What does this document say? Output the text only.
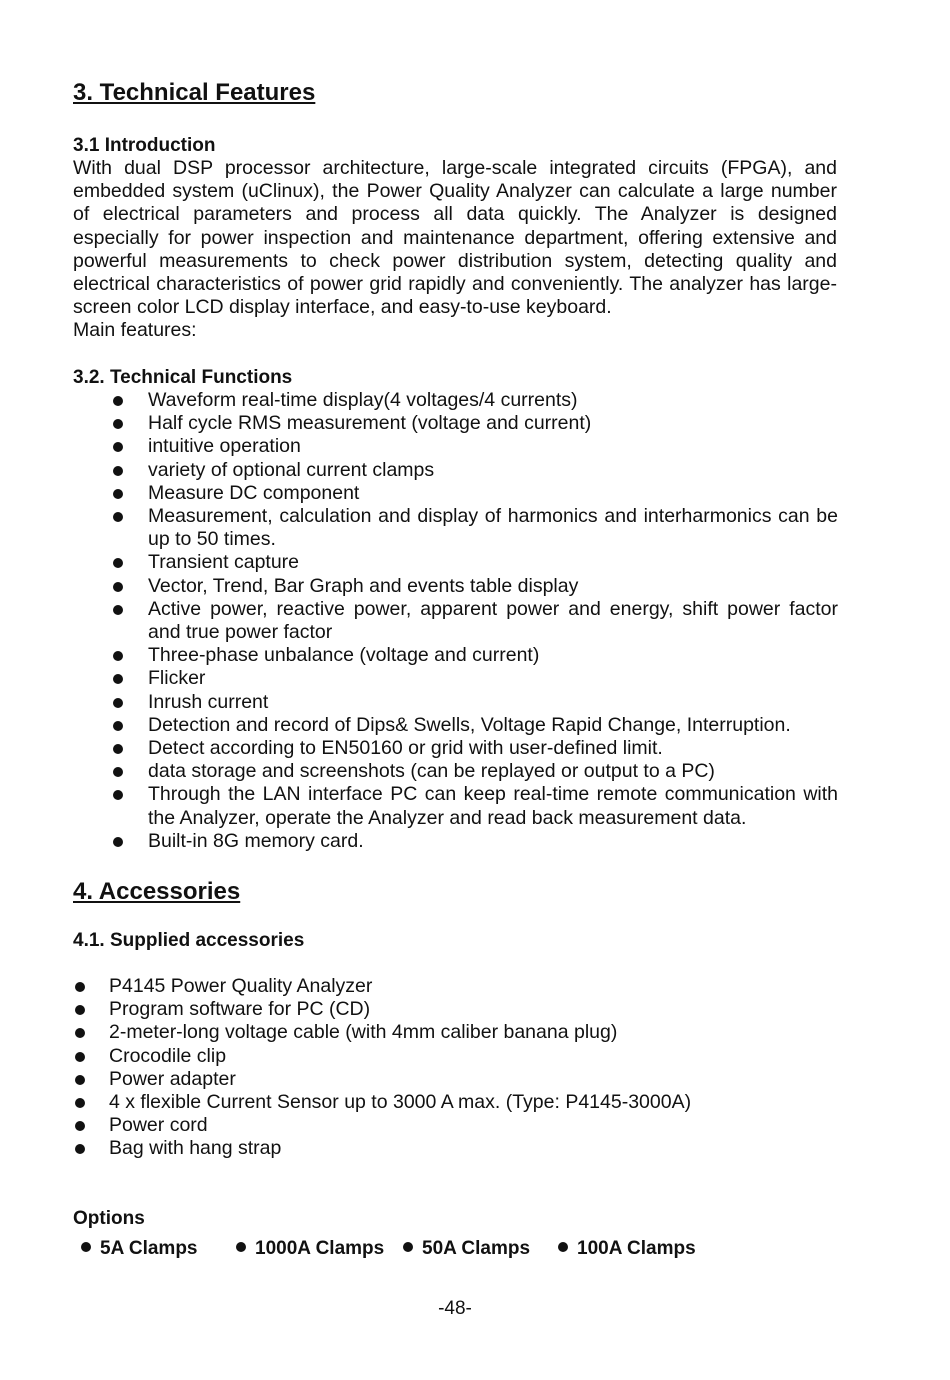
3. Technical Features
3.1 Introduction
With dual DSP processor architecture, large-scale integrated circuits (FPGA), and embedded system (uClinux), the Power Quality Analyzer can calculate a large number of electrical parameters and process all data quickly. The Analyzer is designed especially for power inspection and maintenance department, offering extensive and powerful measurements to check power distribution system, detecting quality and electrical characteristics of power grid rapidly and conveniently. The analyzer has large-screen color LCD display interface, and easy-to-use keyboard.
Main features:
3.2. Technical Functions
Waveform real-time display(4 voltages/4 currents)
Half cycle RMS measurement (voltage and current)
intuitive operation
variety of optional current clamps
Measure DC component
Measurement, calculation and display of harmonics and interharmonics can be up to 50 times.
Transient capture
Vector, Trend, Bar Graph and events table display
Active power, reactive power, apparent power and energy, shift power factor and true power factor
Three-phase unbalance (voltage and current)
Flicker
Inrush current
Detection and record of Dips& Swells, Voltage Rapid Change, Interruption.
Detect according to EN50160 or grid with user-defined limit.
data storage and screenshots (can be replayed or output to a PC)
Through the LAN interface PC can keep real-time remote communication with the Analyzer, operate the Analyzer and read back measurement data.
Built-in 8G memory card.
4. Accessories
4.1. Supplied accessories
P4145 Power Quality Analyzer
Program software for PC (CD)
2-meter-long voltage cable (with 4mm caliber banana plug)
Crocodile clip
Power adapter
4 x flexible Current Sensor up to 3000 A max. (Type: P4145-3000A)
Power cord
Bag with hang strap
Options
5A Clamps	1000A Clamps	50A Clamps	100A Clamps
-48-
